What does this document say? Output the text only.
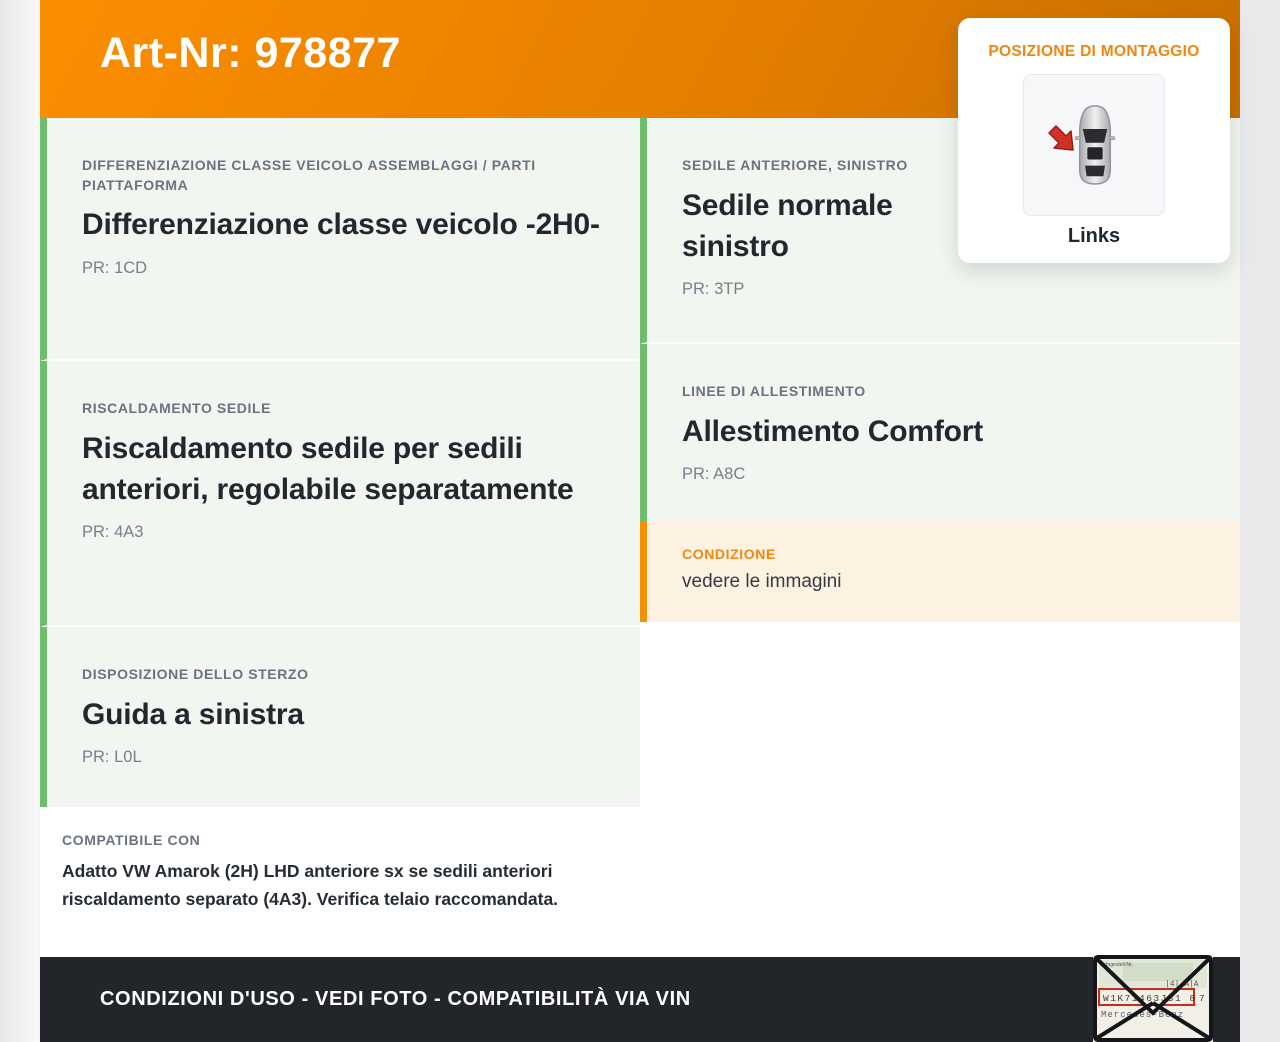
Art-Nr: 978877	POSIZIONE DI MONTAGGIO
Links

DIFFERENZIAZIONE CLASSE VEICOLO ASSEMBLAGGI / PARTI PIATTAFORMA

Differenziazione classe veicolo -2H0-

PR: 1CD

RISCALDAMENTO SEDILE

Riscaldamento sedile per sedili anteriori, regolabile separatamente

PR: 4A3

DISPOSIZIONE DELLO STERZO

Guida a sinistra

PR: L0L

COMPATIBILE CON

Adatto VW Amarok (2H) LHD anteriore sx se sedili anteriori riscaldamento separato (4A3). Verifica telaio raccomandata.

SEDILE ANTERIORE, SINISTRO

Sedile normale sinistro

PR: 3TP

LINEE DI ALLESTIMENTO

Allestimento Comfort

PR: A8C

CONDIZIONE

vedere le immagini

CONDIZIONI D'USO - VEDI FOTO - COMPATIBILITÀ VIA VIN
Fahrgestell-Nr.
|4| A|A
W1K71463J31 8 7
Mercedes-Benz
